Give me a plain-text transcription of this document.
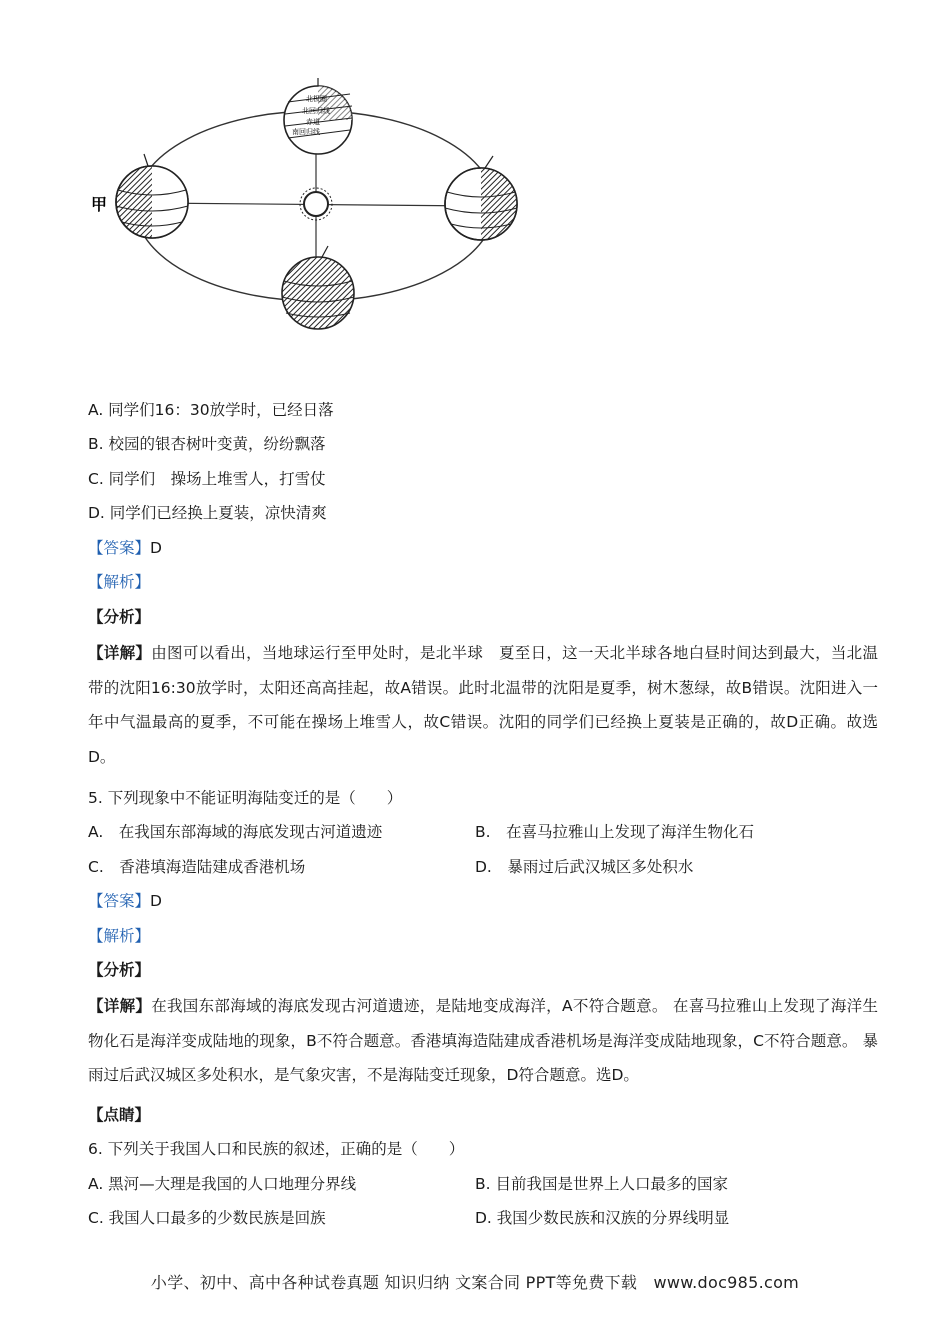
北极圈
北回归线
赤道
南回归线
甲
A. 同学们16：30放学时，已经日落
B. 校园的银杏树叶变黄，纷纷飘落
C. 同学们　操场上堆雪人，打雪仗
D. 同学们已经换上夏装，凉快清爽
【答案】D
【解析】
【分析】
【详解】由图可以看出，当地球运行至甲处时，是北半球　夏至日，这一天北半球各地白昼时间达到最大，当北温带的沈阳16:30放学时，太阳还高高挂起，故A错误。此时北温带的沈阳是夏季，树木葱绿，故B错误。沈阳进入一年中气温最高的夏季，不可能在操场上堆雪人，故C错误。沈阳的同学们已经换上夏装是正确的，故D正确。故选D。
5. 下列现象中不能证明海陆变迁的是（　　）
A.　在我国东部海域的海底发现古河道遗迹	B.　在喜马拉雅山上发现了海洋生物化石
C.　香港填海造陆建成香港机场	D.　暴雨过后武汉城区多处积水
【答案】D
【解析】
【分析】
【详解】在我国东部海域的海底发现古河道遗迹，是陆地变成海洋，A不符合题意。 在喜马拉雅山上发现了海洋生物化石是海洋变成陆地的现象，B不符合题意。香港填海造陆建成香港机场是海洋变成陆地现象，C不符合题意。 暴雨过后武汉城区多处积水，是气象灾害，不是海陆变迁现象，D符合题意。选D。
【点睛】
6. 下列关于我国人口和民族的叙述，正确的是（　　）
A. 黑河—大理是我国的人口地理分界线	B. 目前我国是世界上人口最多的国家
C. 我国人口最多的少数民族是回族	D. 我国少数民族和汉族的分界线明显
小学、初中、高中各种试卷真题 知识归纳 文案合同 PPT等免费下载　www.doc985.com
